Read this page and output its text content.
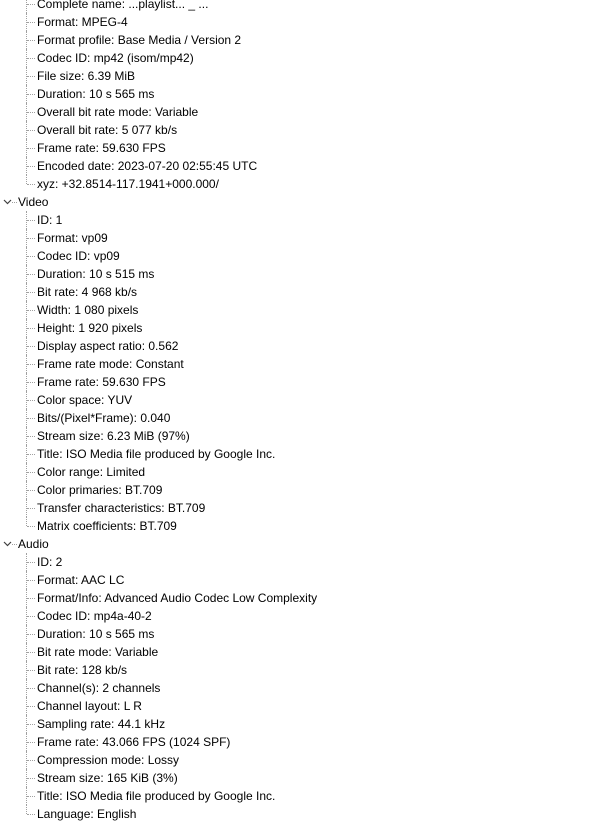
Complete name: ...playlist... _ ...
Format: MPEG-4
Format profile: Base Media / Version 2
Codec ID: mp42 (isom/mp42)
File size: 6.39 MiB
Duration: 10 s 565 ms
Overall bit rate mode: Variable
Overall bit rate: 5 077 kb/s
Frame rate: 59.630 FPS
Encoded date: 2023-07-20 02:55:45 UTC
xyz: +32.8514-117.1941+000.000/
Video
ID: 1
Format: vp09
Codec ID: vp09
Duration: 10 s 515 ms
Bit rate: 4 968 kb/s
Width: 1 080 pixels
Height: 1 920 pixels
Display aspect ratio: 0.562
Frame rate mode: Constant
Frame rate: 59.630 FPS
Color space: YUV
Bits/(Pixel*Frame): 0.040
Stream size: 6.23 MiB (97%)
Title: ISO Media file produced by Google Inc.
Color range: Limited
Color primaries: BT.709
Transfer characteristics: BT.709
Matrix coefficients: BT.709
Audio
ID: 2
Format: AAC LC
Format/Info: Advanced Audio Codec Low Complexity
Codec ID: mp4a-40-2
Duration: 10 s 565 ms
Bit rate mode: Variable
Bit rate: 128 kb/s
Channel(s): 2 channels
Channel layout: L R
Sampling rate: 44.1 kHz
Frame rate: 43.066 FPS (1024 SPF)
Compression mode: Lossy
Stream size: 165 KiB (3%)
Title: ISO Media file produced by Google Inc.
Language: English
